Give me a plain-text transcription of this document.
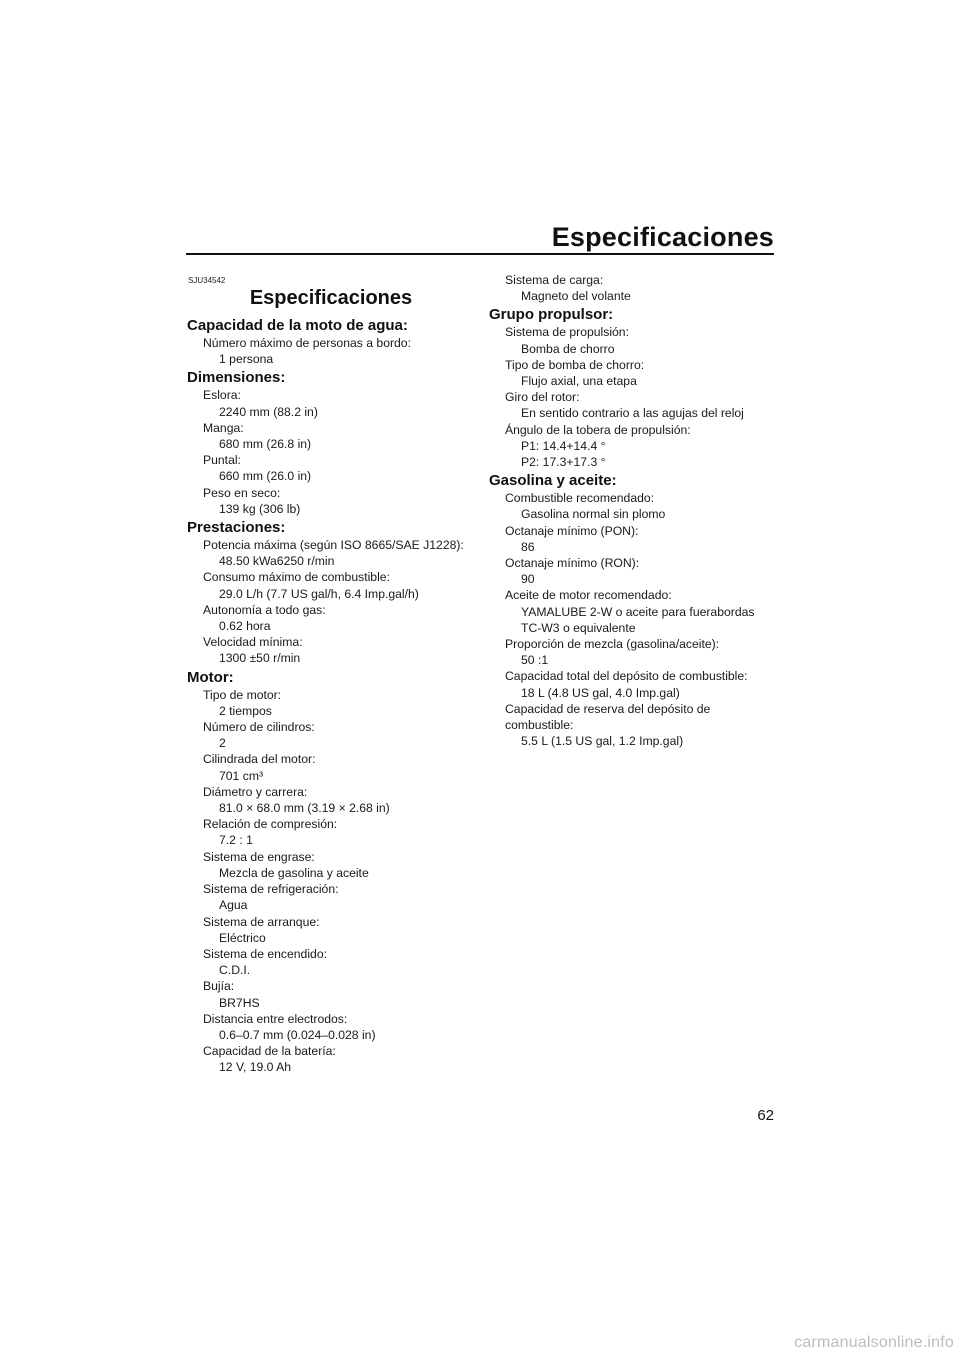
Especificaciones
SJU34542
Especificaciones
Capacidad de la moto de agua:
Número máximo de personas a bordo:
1 persona
Dimensiones:
Eslora:
2240 mm (88.2 in)
Manga:
680 mm (26.8 in)
Puntal:
660 mm (26.0 in)
Peso en seco:
139 kg (306 lb)
Prestaciones:
Potencia máxima (según ISO 8665/SAE J1228):
48.50 kWa6250 r/min
Consumo máximo de combustible:
29.0 L/h (7.7 US gal/h, 6.4 Imp.gal/h)
Autonomía a todo gas:
0.62 hora
Velocidad mínima:
1300 ±50 r/min
Motor:
Tipo de motor:
2 tiempos
Número de cilindros:
2
Cilindrada del motor:
701 cm³
Diámetro y carrera:
81.0 × 68.0 mm (3.19 × 2.68 in)
Relación de compresión:
7.2 : 1
Sistema de engrase:
Mezcla de gasolina y aceite
Sistema de refrigeración:
Agua
Sistema de arranque:
Eléctrico
Sistema de encendido:
C.D.I.
Bujía:
BR7HS
Distancia entre electrodos:
0.6–0.7 mm (0.024–0.028 in)
Capacidad de la batería:
12 V, 19.0 Ah
Sistema de carga:
Magneto del volante
Grupo propulsor:
Sistema de propulsión:
Bomba de chorro
Tipo de bomba de chorro:
Flujo axial, una etapa
Giro del rotor:
En sentido contrario a las agujas del reloj
Ángulo de la tobera de propulsión:
P1: 14.4+14.4 °
P2: 17.3+17.3 °
Gasolina y aceite:
Combustible recomendado:
Gasolina normal sin plomo
Octanaje mínimo (PON):
86
Octanaje mínimo (RON):
90
Aceite de motor recomendado:
YAMALUBE 2-W o aceite para fuerabordas
TC-W3 o equivalente
Proporción de mezcla (gasolina/aceite):
50 :1
Capacidad total del depósito de combustible:
18 L (4.8 US gal, 4.0 Imp.gal)
Capacidad de reserva del depósito de
combustible:
5.5 L (1.5 US gal, 1.2 Imp.gal)
62
carmanualsonline.info
